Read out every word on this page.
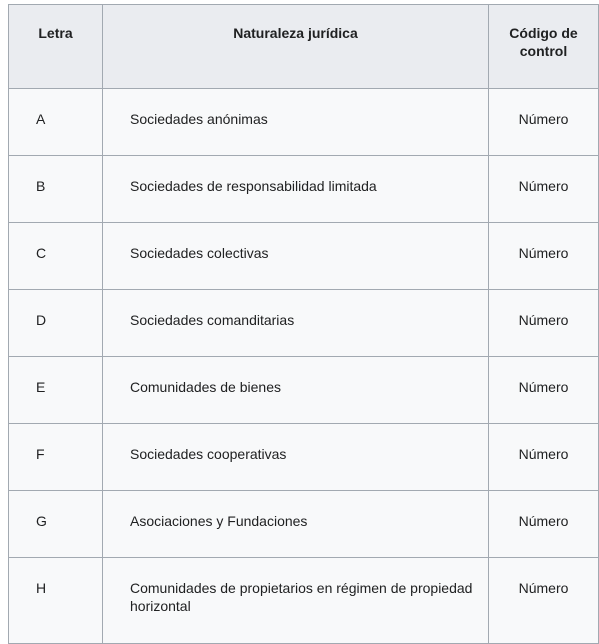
Letra	Naturaleza jurídica	Código de control
A	Sociedades anónimas	Número
B	Sociedades de responsabilidad limitada	Número
C	Sociedades colectivas	Número
D	Sociedades comanditarias	Número
E	Comunidades de bienes	Número
F	Sociedades cooperativas	Número
G	Asociaciones y Fundaciones	Número
H	Comunidades de propietarios en régimen de propiedad horizontal	Número
